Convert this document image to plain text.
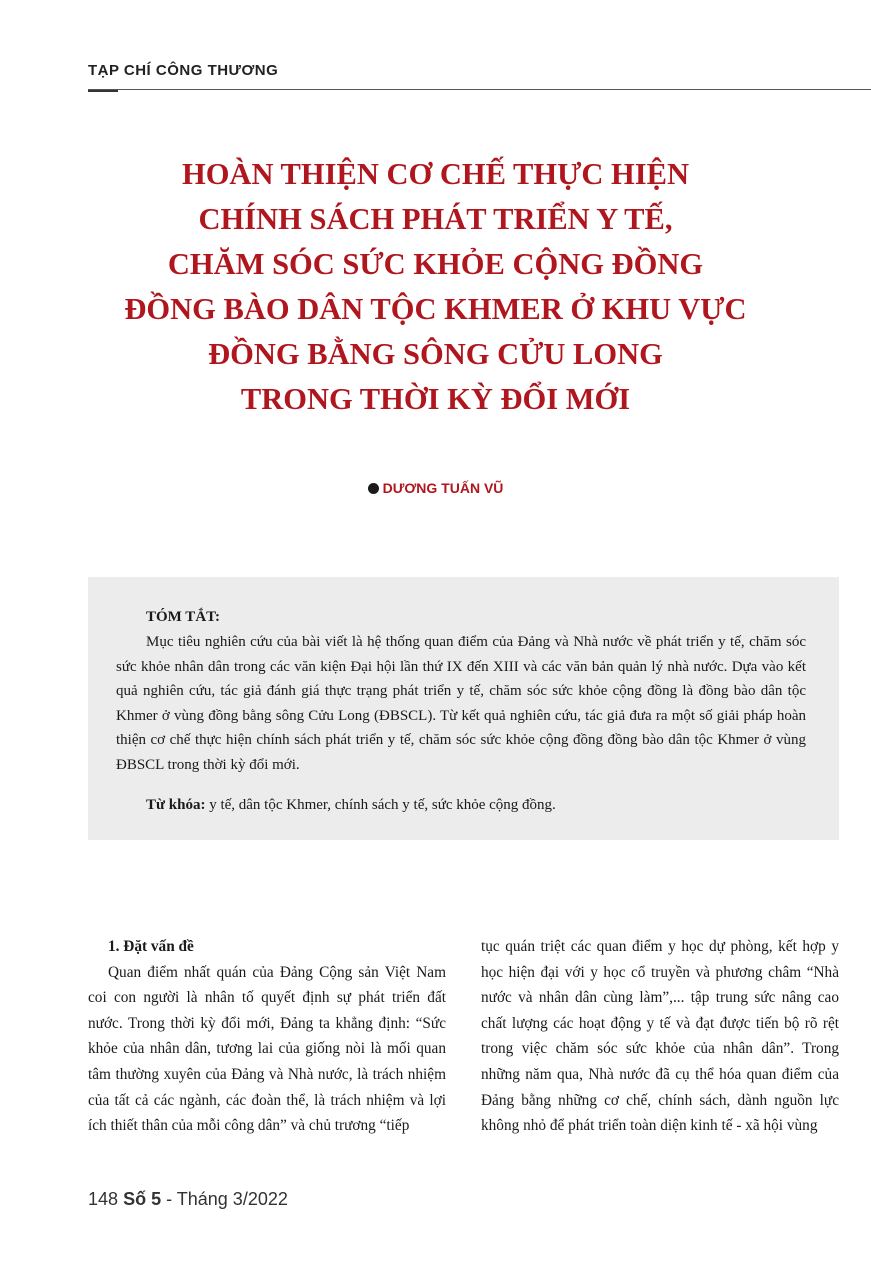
TẠP CHÍ CÔNG THƯƠNG
HOÀN THIỆN CƠ CHẾ THỰC HIỆN
CHÍNH SÁCH PHÁT TRIỂN Y TẾ,
CHĂM SÓC SỨC KHỎE CỘNG ĐỒNG
ĐỒNG BÀO DÂN TỘC KHMER Ở KHU VỰC
ĐỒNG BẰNG SÔNG CỬU LONG
TRONG THỜI KỲ ĐỔI MỚI
DƯƠNG TUẤN VŨ
TÓM TẮT:

Mục tiêu nghiên cứu của bài viết là hệ thống quan điểm của Đảng và Nhà nước về phát triển y tế, chăm sóc sức khỏe nhân dân trong các văn kiện Đại hội lần thứ IX đến XIII và các văn bản quản lý nhà nước. Dựa vào kết quả nghiên cứu, tác giả đánh giá thực trạng phát triển y tế, chăm sóc sức khỏe cộng đồng là đồng bào dân tộc Khmer ở vùng đồng bằng sông Cửu Long (ĐBSCL). Từ kết quả nghiên cứu, tác giả đưa ra một số giải pháp hoàn thiện cơ chế thực hiện chính sách phát triển y tế, chăm sóc sức khỏe cộng đồng đồng bào dân tộc Khmer ở vùng ĐBSCL trong thời kỳ đổi mới.

Từ khóa: y tế, dân tộc Khmer, chính sách y tế, sức khỏe cộng đồng.
1. Đặt vấn đề

Quan điểm nhất quán của Đảng Cộng sản Việt Nam coi con người là nhân tố quyết định sự phát triển đất nước. Trong thời kỳ đổi mới, Đảng ta khẳng định: “Sức khỏe của nhân dân, tương lai của giống nòi là mối quan tâm thường xuyên của Đảng và Nhà nước, là trách nhiệm của tất cả các ngành, các đoàn thể, là trách nhiệm và lợi ích thiết thân của mỗi công dân” và chủ trương “tiếp

tục quán triệt các quan điểm y học dự phòng, kết hợp y học hiện đại với y học cổ truyền và phương châm “Nhà nước và nhân dân cùng làm”,... tập trung sức nâng cao chất lượng các hoạt động y tế và đạt được tiến bộ rõ rệt trong việc chăm sóc sức khỏe của nhân dân”. Trong những năm qua, Nhà nước đã cụ thể hóa quan điểm của Đảng bằng những cơ chế, chính sách, dành nguồn lực không nhỏ để phát triển toàn diện kinh tế - xã hội vùng

148 Số 5 - Tháng 3/2022
